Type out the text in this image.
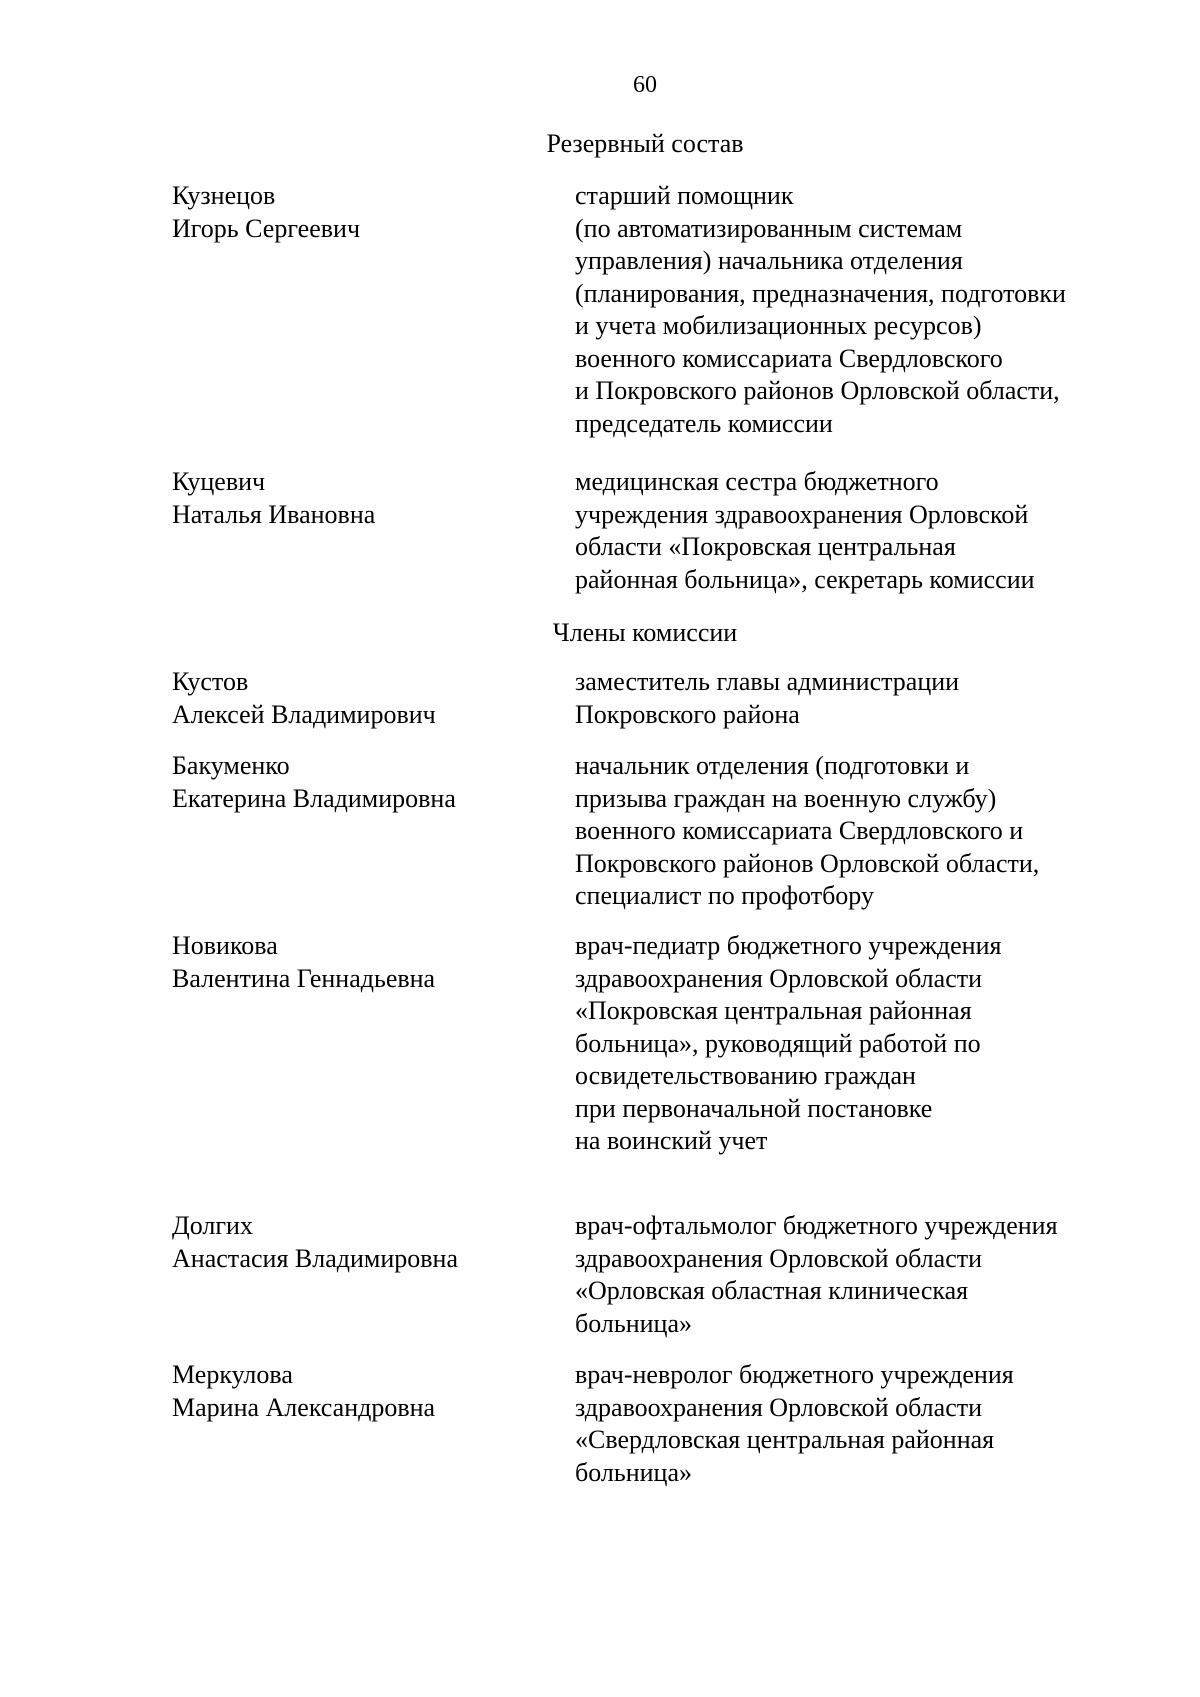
60
Резервный состав
Кузнецов
Игорь Сергеевич
старший помощник
(по автоматизированным системам
управления) начальника отделения
(планирования, предназначения, подготовки
и учета мобилизационных ресурсов)
военного комиссариата Свердловского
и Покровского районов Орловской области,
председатель комиссии
Куцевич
Наталья Ивановна
медицинская сестра бюджетного
учреждения здравоохранения Орловской
области «Покровская центральная
районная больница», секретарь комиссии
Члены комиссии
Кустов
Алексей Владимирович
заместитель главы администрации
Покровского района
Бакуменко
Екатерина Владимировна
начальник отделения (подготовки и
призыва граждан на военную службу)
военного комиссариата Свердловского и
Покровского районов Орловской области,
специалист по профотбору
Новикова
Валентина Геннадьевна
врач-педиатр бюджетного учреждения
здравоохранения Орловской области
«Покровская центральная районная
больница», руководящий работой по
освидетельствованию граждан
при первоначальной постановке
на воинский учет
Долгих
Анастасия Владимировна
врач-офтальмолог бюджетного учреждения
здравоохранения Орловской области
«Орловская областная клиническая
больница»
Меркулова
Марина Александровна
врач-невролог бюджетного учреждения
здравоохранения Орловской области
«Свердловская центральная районная
больница»
